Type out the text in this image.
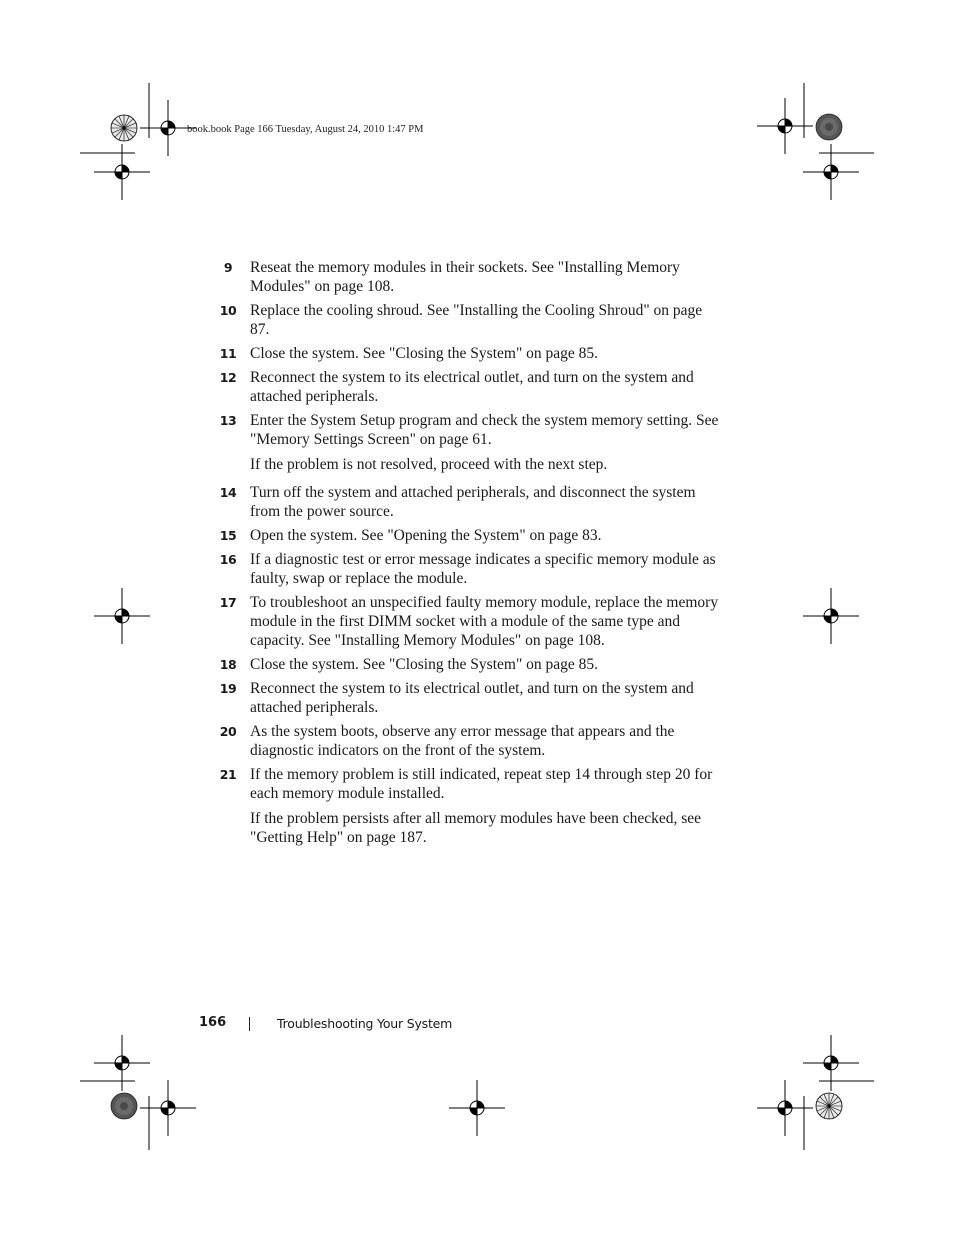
book.book Page 166 Tuesday, August 24, 2010 1:47 PM
9	Reseat the memory modules in their sockets. See "Installing Memory Modules" on page 108.
10 Replace the cooling shroud. See "Installing the Cooling Shroud" on page 87.
11 Close the system. See "Closing the System" on page 85.
12 Reconnect the system to its electrical outlet, and turn on the system and attached peripherals.
13 Enter the System Setup program and check the system memory setting. See "Memory Settings Screen" on page 61.
If the problem is not resolved, proceed with the next step.
14 Turn off the system and attached peripherals, and disconnect the system from the power source.
15 Open the system. See "Opening the System" on page 83.
16 If a diagnostic test or error message indicates a specific memory module as faulty, swap or replace the module.
17 To troubleshoot an unspecified faulty memory module, replace the memory module in the first DIMM socket with a module of the same type and capacity. See "Installing Memory Modules" on page 108.
18 Close the system. See "Closing the System" on page 85.
19 Reconnect the system to its electrical outlet, and turn on the system and attached peripherals.
20 As the system boots, observe any error message that appears and the diagnostic indicators on the front of the system.
21 If the memory problem is still indicated, repeat step 14 through step 20 for each memory module installed.
If the problem persists after all memory modules have been checked, see "Getting Help" on page 187.
166	Troubleshooting Your System
